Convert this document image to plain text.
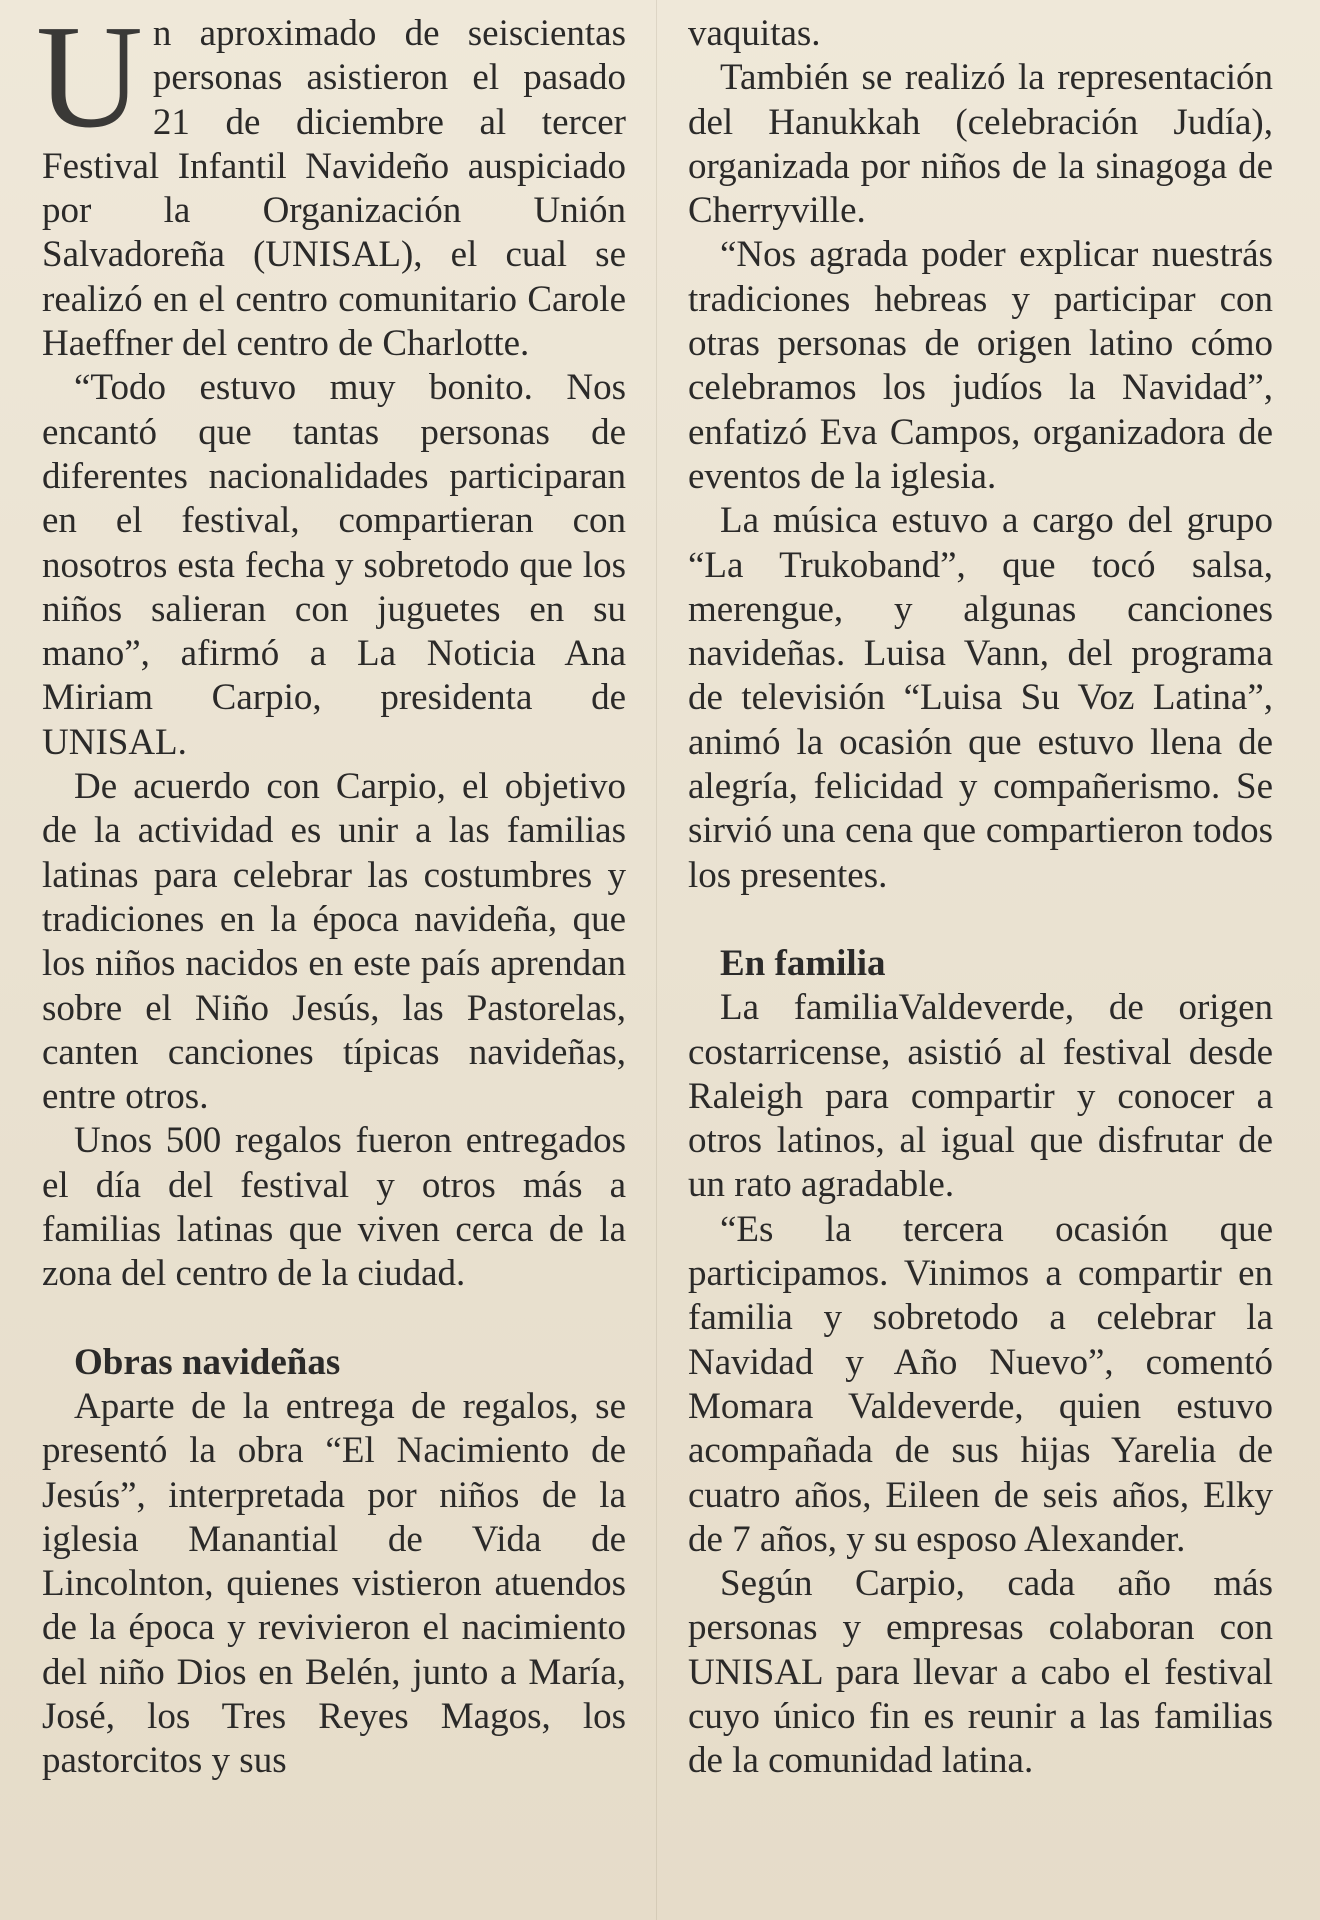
Un aproximado de seiscientas personas asistieron el pasado 21 de diciembre al tercer Festival Infantil Navideño auspiciado por la Organización Unión Salvadoreña (UNISAL), el cual se realizó en el centro comunitario Carole Haeffner del centro de Charlotte.

“Todo estuvo muy bonito. Nos encantó que tantas personas de diferentes nacionalidades participaran en el festival, compartieran con nosotros esta fecha y sobretodo que los niños salieran con juguetes en su mano”, afirmó a La Noticia Ana Miriam Carpio, presidenta de UNISAL.

De acuerdo con Carpio, el objetivo de la actividad es unir a las familias latinas para celebrar las costumbres y tradiciones en la época navideña, que los niños nacidos en este país aprendan sobre el Niño Jesús, las Pastorelas, canten canciones típicas navideñas, entre otros.

Unos 500 regalos fueron entregados el día del festival y otros más a familias latinas que viven cerca de la zona del centro de la ciudad.

Obras navideñas

Aparte de la entrega de regalos, se presentó la obra “El Nacimiento de Jesús”, interpretada por niños de la iglesia Manantial de Vida de Lincolnton, quienes vistieron atuendos de la época y revivieron el nacimiento del niño Dios en Belén, junto a María, José, los Tres Reyes Magos, los pastorcitos y sus

vaquitas.

También se realizó la representación del Hanukkah (celebración Judía), organizada por niños de la sinagoga de Cherryville.

“Nos agrada poder explicar nuestrás tradiciones hebreas y participar con otras personas de origen latino cómo celebramos los judíos la Navidad”, enfatizó Eva Campos, organizadora de eventos de la iglesia.

La música estuvo a cargo del grupo “La Trukoband”, que tocó salsa, merengue, y algunas canciones navideñas. Luisa Vann, del programa de televisión “Luisa Su Voz Latina”, animó la ocasión que estuvo llena de alegría, felicidad y compañerismo. Se sirvió una cena que compartieron todos los presentes.

En familia

La familiaValdeverde, de origen costarricense, asistió al festival desde Raleigh para compartir y conocer a otros latinos, al igual que disfrutar de un rato agradable.

“Es la tercera ocasión que participamos. Vinimos a compartir en familia y sobretodo a celebrar la Navidad y Año Nuevo”, comentó Momara Valdeverde, quien estuvo acompañada de sus hijas Yarelia de cuatro años, Eileen de seis años, Elky de 7 años, y su esposo Alexander.

Según Carpio, cada año más personas y empresas colaboran con UNISAL para llevar a cabo el festival cuyo único fin es reunir a las familias de la comunidad latina.
